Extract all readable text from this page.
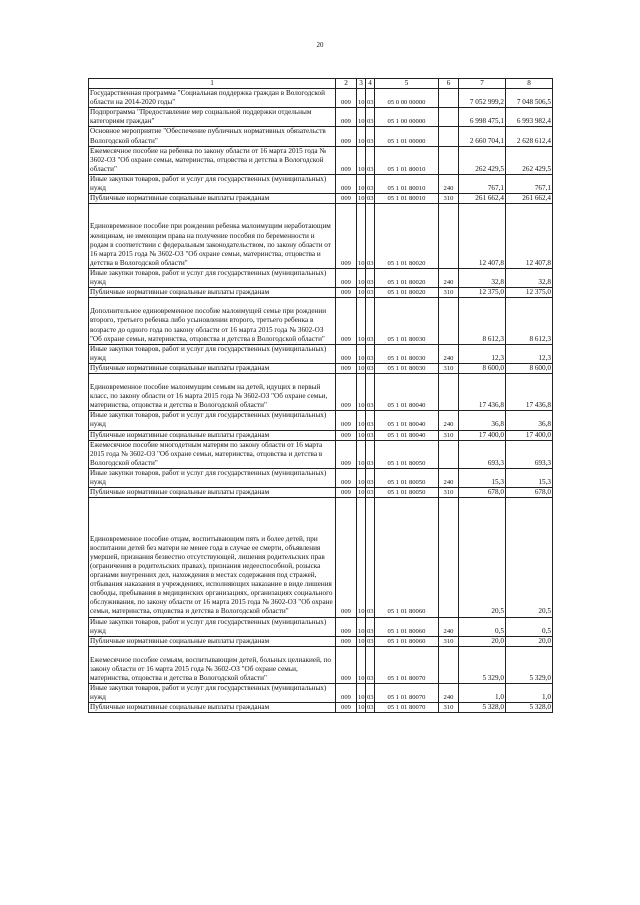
20
1	2	3	4	5	6	7	8
Государственная программа "Социальная поддержка граждан в Вологодской области на 2014-2020 годы"	009	10	03	05 0 00 00000		7 052 999,2	7 048 506,5
Подпрограмма "Предоставление мер социальной поддержки отдельным категориям граждан"	009	10	03	05 1 00 00000		6 998 475,1	6 993 982,4
Основное мероприятие "Обеспечение публичных нормативных обязательств Вологодской области"	009	10	03	05 1 01 00000		2 660 704,1	2 628 612,4
Ежемесячное пособие на ребенка по закону области от 16 марта 2015 года № 3602-ОЗ "Об охране семьи, материнства, отцовства и детства в Вологодской области"	009	10	03	05 1 01 80010		262 429,5	262 429,5
Иные закупки товаров, работ и услуг для государственных (муниципальных) нужд	009	10	03	05 1 01 80010	240	767,1	767,1
Публичные нормативные социальные выплаты гражданам	009	10	03	05 1 01 80010	310	261 662,4	261 662,4
Единовременное пособие при рождении ребенка малоимущим неработающим женщинам, не имеющим права на получение пособия по беременности и родам в соответствии с федеральным законодательством, по закону области от 16 марта 2015 года № 3602-ОЗ "Об охране семьи, материнства, отцовства и детства в Вологодской области"	009	10	03	05 1 01 80020		12 407,8	12 407,8
Иные закупки товаров, работ и услуг для государственных (муниципальных) нужд	009	10	03	05 1 01 80020	240	32,8	32,8
Публичные нормативные социальные выплаты гражданам	009	10	03	05 1 01 80020	310	12 375,0	12 375,0
Дополнительное единовременное пособие малоимущей семье при рождении второго, третьего ребенка либо усыновлении второго, третьего ребенка в возрасте до одного года по закону области от 16 марта 2015 года № 3602-ОЗ "Об охране семьи, материнства, отцовства и детства в Вологодской области"	009	10	03	05 1 01 80030		8 612,3	8 612,3
Иные закупки товаров, работ и услуг для государственных (муниципальных) нужд	009	10	03	05 1 01 80030	240	12,3	12,3
Публичные нормативные социальные выплаты гражданам	009	10	03	05 1 01 80030	310	8 600,0	8 600,0
Единовременное пособие малоимущим семьям на детей, идущих в первый класс, по закону области от 16 марта 2015 года № 3602-ОЗ "Об охране семьи, материнства, отцовства и детства в Вологодской области"	009	10	03	05 1 01 80040		17 436,8	17 436,8
Иные закупки товаров, работ и услуг для государственных (муниципальных) нужд	009	10	03	05 1 01 80040	240	36,8	36,8
Публичные нормативные социальные выплаты гражданам	009	10	03	05 1 01 80040	310	17 400,0	17 400,0
Ежемесячное пособие многодетным матерям по закону области от 16 марта 2015 года № 3602-ОЗ "Об охране семьи, материнства, отцовства и детства в Вологодской области"	009	10	03	05 1 01 80050		693,3	693,3
Иные закупки товаров, работ и услуг для государственных (муниципальных) нужд	009	10	03	05 1 01 80050	240	15,3	15,3
Публичные нормативные социальные выплаты гражданам	009	10	03	05 1 01 80050	310	678,0	678,0
Единовременное пособие отцам, воспитывающим пять и более детей, при воспитании детей без матери не менее года в случае ее смерти, объявления умершей, признания безвестно отсутствующей, лишения родительских прав (ограничения в родительских правах), признания недееспособной, розыска органами внутренних дел, нахождения в местах содержания под стражей, отбывания наказания в учреждениях, исполняющих наказание в виде лишения свободы, пребывания в медицинских организациях, организациях социального обслуживания, по закону области от 16 марта 2015 года № 3602-ОЗ "Об охране семьи, материнства, отцовства и детства в Вологодской области"	009	10	03	05 1 01 80060		20,5	20,5
Иные закупки товаров, работ и услуг для государственных (муниципальных) нужд	009	10	03	05 1 01 80060	240	0,5	0,5
Публичные нормативные социальные выплаты гражданам	009	10	03	05 1 01 80060	310	20,0	20,0
Ежемесячное пособие семьям, воспитывающим детей, больных целиакией, по закону области от 16 марта 2015 года № 3602-ОЗ "Об охране семьи, материнства, отцовства и детства в Вологодской области"	009	10	03	05 1 01 80070		5 329,0	5 329,0
Иные закупки товаров, работ и услуг для государственных (муниципальных) нужд	009	10	03	05 1 01 80070	240	1,0	1,0
Публичные нормативные социальные выплаты гражданам	009	10	03	05 1 01 80070	310	5 328,0	5 328,0
